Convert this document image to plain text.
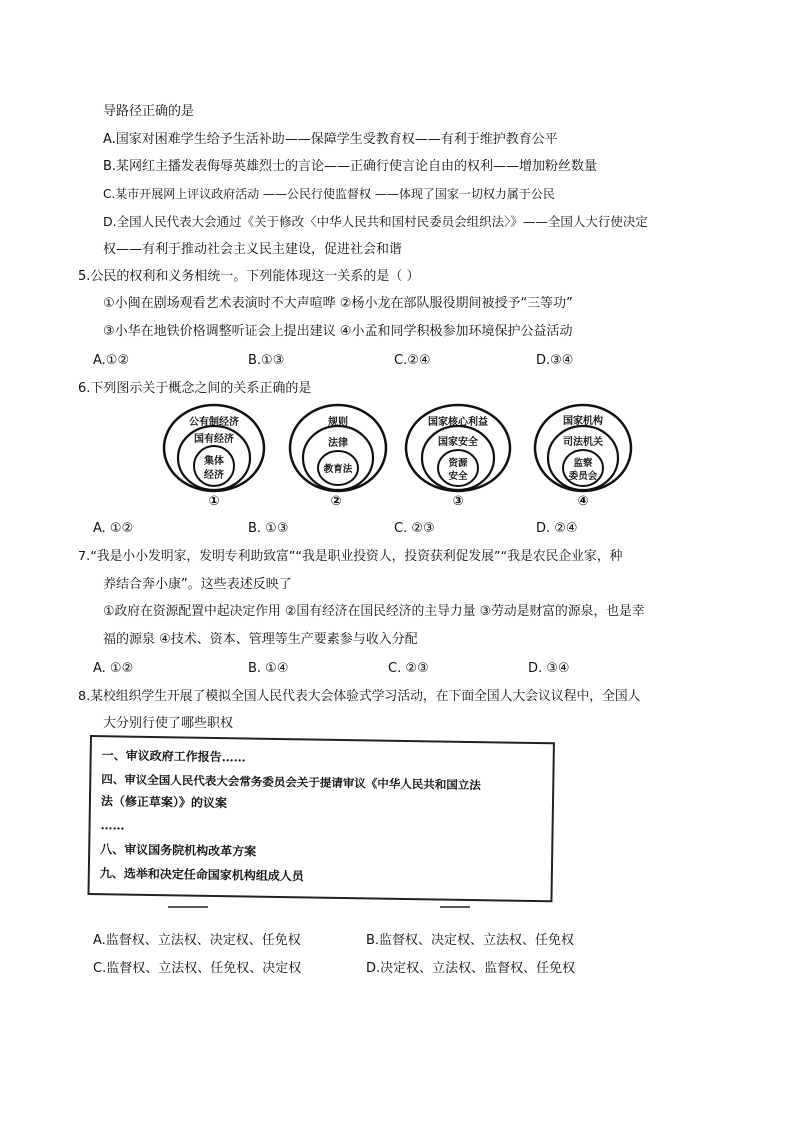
导路径正确的是
A.国家对困难学生给予生活补助——保障学生受教育权——有利于维护教育公平
B.某网红主播发表侮辱英雄烈士的言论——正确行使言论自由的权利——增加粉丝数量
C.某市开展网上评议政府活动 ——公民行使监督权 ——体现了国家一切权力属于公民
D.全国人民代表大会通过《关于修改〈中华人民共和国村民委员会组织法〉》——全国人大行使决定
权——有利于推动社会主义民主建设，促进社会和谐
5.公民的权利和义务相统一。下列能体现这一关系的是（ ）
①小闽在剧场观看艺术表演时不大声喧哗 ②杨小龙在部队服役期间被授予“三等功”
③小华在地铁价格调整听证会上提出建议 ④小孟和同学积极参加环境保护公益活动
A.①②	B.①③	C.②④	D.③④
6.下列图示关于概念之间的关系正确的是
公有制经济
国有经济
集体
经济
①
规则
法律
教育法
②
国家核心利益
国家安全
资源
安全
③
国家机构
司法机关
监察
委员会
④
A. ①②	B. ①③	C. ②③	D. ②④
7.“我是小小发明家，发明专利助致富”“我是职业投资人，投资获利促发展”“我是农民企业家，种
养结合奔小康”。这些表述反映了
①政府在资源配置中起决定作用 ②国有经济在国民经济的主导力量 ③劳动是财富的源泉，也是幸
福的源泉 ④技术、资本、管理等生产要素参与收入分配
A. ①②	B. ①④	C. ②③	D. ③④
8.某校组织学生开展了模拟全国人民代表大会体验式学习活动，在下面全国人大会议议程中，全国人
大分别行使了哪些职权
一、审议政府工作报告……
四、审议全国人民代表大会常务委员会关于提请审议《中华人民共和国立法
法（修正草案）》的议案
……
八、审议国务院机构改革方案
九、选举和决定任命国家机构组成人员
A.监督权、立法权、决定权、任免权	B.监督权、决定权、立法权、任免权
C.监督权、立法权、任免权、决定权	D.决定权、立法权、监督权、任免权
